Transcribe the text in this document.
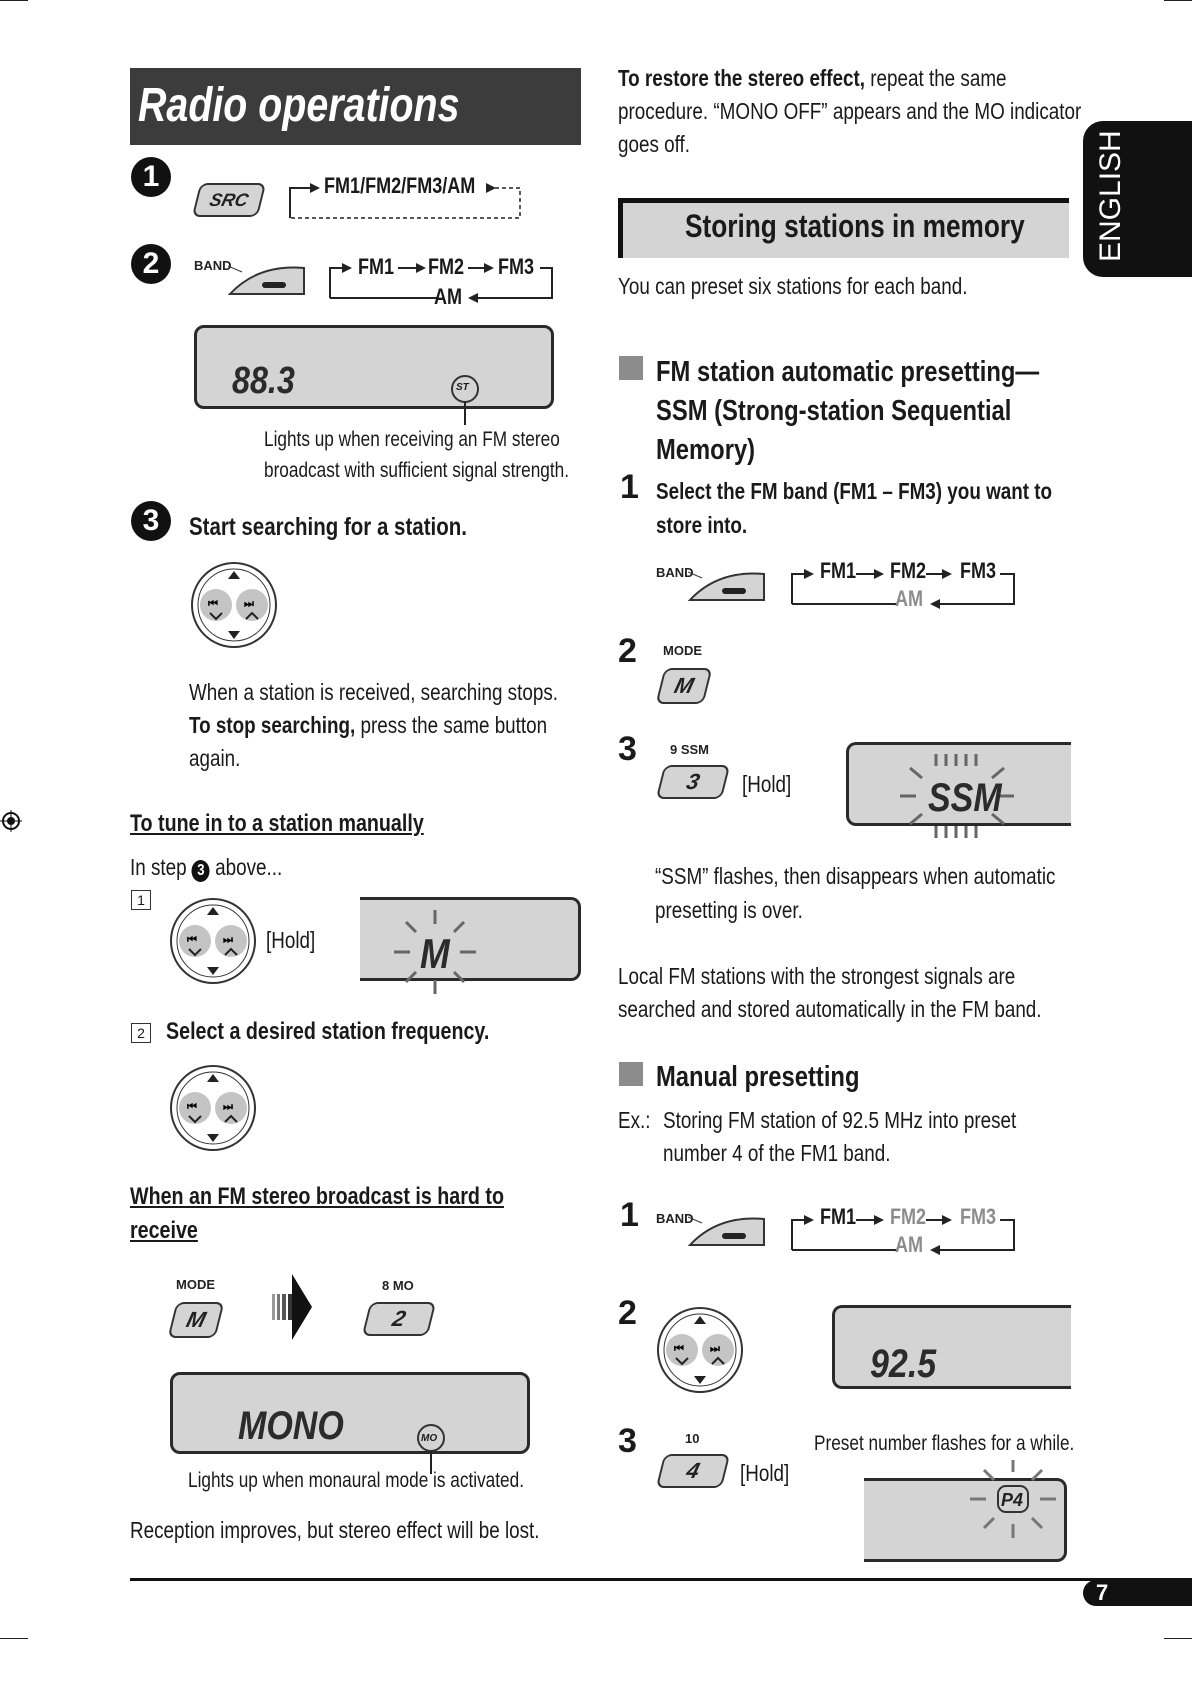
Radio operations
1
SRC
FM1/FM2/FM3/AM
2	BAND	FM1 FM2 FM3
AM
88.3	ST
Lights up when receiving an FM stereo
broadcast with sufficient signal strength.
3	Start searching for a station.
⏮ ⏭
When a station is received, searching stops.
To stop searching, press the same button
again.
To tune in to a station manually
In step 3 above...
1
⏮ ⏭ [Hold] M
2 Select a desired station frequency.
⏮ ⏭
When an FM stereo broadcast is hard to
receive
MODE
M
8 MO
2
MONO	MO
Lights up when monaural mode is activated.
Reception improves, but stereo effect will be lost.
To restore the stereo effect, repeat the same
procedure. “MONO OFF” appears and the MO indicator
goes off.	ENGLISH
Storing stations in memory
You can preset six stations for each band.
FM station automatic presetting—
SSM (Strong-station Sequential
Memory)
1 Select the FM band (FM1 – FM3) you want to
store into.
BAND	FM1 FM2 FM3
AM
2 MODE
M
3	9 SSM
3	[Hold]	SSM
“SSM” flashes, then disappears when automatic
presetting is over.
Local FM stations with the strongest signals are
searched and stored automatically in the FM band.
Manual presetting
Ex.: Storing FM station of 92.5 MHz into preset
number 4 of the FM1 band.
1 BAND	FM1 FM2 FM3
AM
2
⏮ ⏭	92.5
3	10
4	[Hold]
Preset number flashes for a while.
P4
7
